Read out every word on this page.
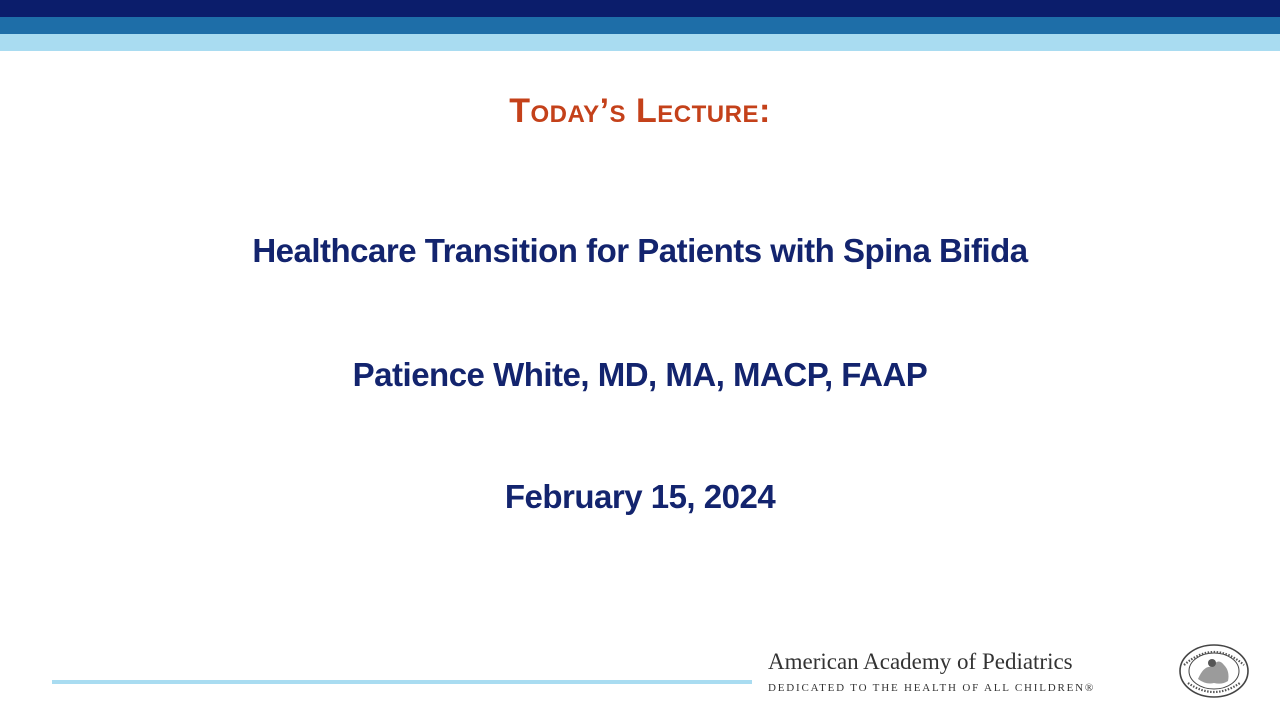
Today’s Lecture:
Healthcare Transition for Patients with Spina Bifida
Patience White, MD, MA, MACP, FAAP
February 15, 2024
American Academy of Pediatrics
DEDICATED TO THE HEALTH OF ALL CHILDREN®
